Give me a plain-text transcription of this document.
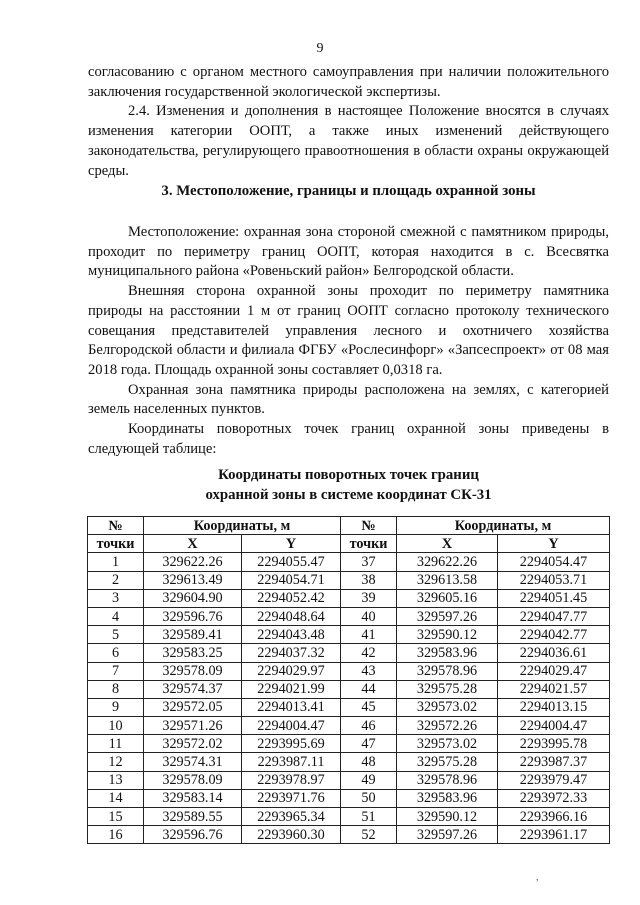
9

согласованию с органом местного самоуправления при наличии положительного заключения государственной экологической экспертизы.

2.4. Изменения и дополнения в настоящее Положение вносятся в случаях изменения категории ООПТ, а также иных изменений действующего законодательства, регулирующего правоотношения в области охраны окружающей среды.

3. Местоположение, границы и площадь охранной зоны

Местоположение: охранная зона стороной смежной с памятником природы, проходит по периметру границ ООПТ, которая находится в с. Всесвятка муниципального района «Ровеньский район» Белгородской области.

Внешняя сторона охранной зоны проходит по периметру памятника природы на расстоянии 1 м от границ ООПТ согласно протоколу технического совещания представителей управления лесного и охотничего хозяйства Белгородской области и филиала ФГБУ «Рослесинфорг» «Запсеспроект» от 08 мая 2018 года. Площадь охранной зоны составляет 0,0318 га.

Охранная зона памятника природы расположена на землях, с категорией земель населенных пунктов.

Координаты поворотных точек границ охранной зоны приведены в следующей таблице:

Координаты поворотных точек границ
охранной зоны в системе координат СК-31
№	Координаты, м		№	Координаты, м	
точки	X	Y	точки	X	Y
1	329622.26	2294055.47	37	329622.26	2294054.47
2	329613.49	2294054.71	38	329613.58	2294053.71
3	329604.90	2294052.42	39	329605.16	2294051.45
4	329596.76	2294048.64	40	329597.26	2294047.77
5	329589.41	2294043.48	41	329590.12	2294042.77
6	329583.25	2294037.32	42	329583.96	2294036.61
7	329578.09	2294029.97	43	329578.96	2294029.47
8	329574.37	2294021.99	44	329575.28	2294021.57
9	329572.05	2294013.41	45	329573.02	2294013.15
10	329571.26	2294004.47	46	329572.26	2294004.47
11	329572.02	2293995.69	47	329573.02	2293995.78
12	329574.31	2293987.11	48	329575.28	2293987.37
13	329578.09	2293978.97	49	329578.96	2293979.47
14	329583.14	2293971.76	50	329583.96	2293972.33
15	329589.55	2293965.34	51	329590.12	2293966.16
16	329596.76	2293960.30	52	329597.26	2293961.17
,
